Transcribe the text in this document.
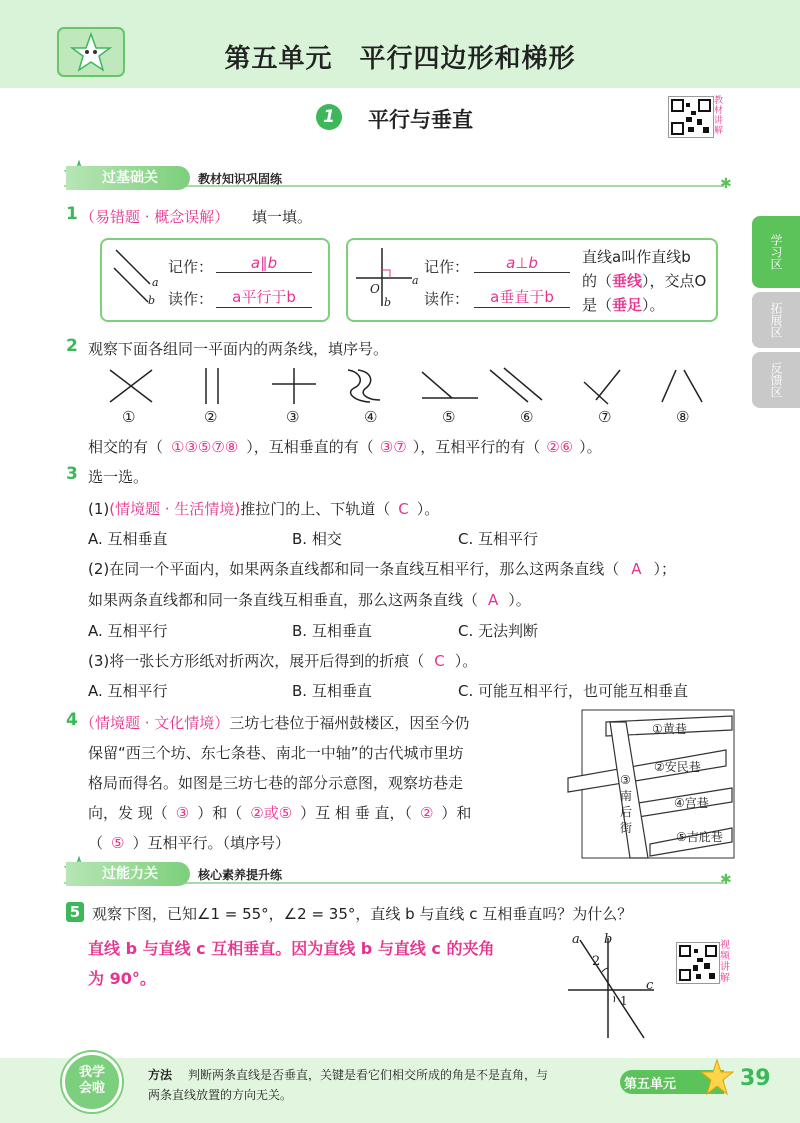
第五单元　平行四边形和梯形
1	平行与垂直
教材讲解
学习区
拓展区
反馈区
过基础关	教材知识巩固练	✱
1 （易错题 · 概念误解） 填一填。
a
b
记作：	a∥b
读作：	a平行于b
a
O
b
记作：	a⊥b
读作：	a垂直于b
直线a叫作直线b
的（垂线），交点O
是（垂足）。
2 观察下面各组同一平面内的两条线，填序号。
①	②	③	④	⑤	⑥	⑦	⑧
相交的有（ ①③⑤⑦⑧ ），互相垂直的有（ ③⑦ ），互相平行的有（ ②⑥ ）。
3 选一选。
(1)(情境题 · 生活情境)推拉门的上、下轨道（ C ）。
A. 互相垂直	B. 相交	C. 互相平行
(2)在同一个平面内，如果两条直线都和同一条直线互相平行，那么这两条直线（ A ）；
如果两条直线都和同一条直线互相垂直，那么这两条直线（ A ）。
A. 互相平行	B. 互相垂直	C. 无法判断
(3)将一张长方形纸对折两次，展开后得到的折痕（ C ）。
A. 互相平行	B. 互相垂直	C. 可能互相平行，也可能互相垂直
4 （情境题 · 文化情境）三坊七巷位于福州鼓楼区，因至今仍
保留“西三个坊、东七条巷、南北一中轴”的古代城市里坊
格局而得名。如图是三坊七巷的部分示意图，观察坊巷走
向，发 现（ ③ ）和（ ②或⑤ ）互 相 垂 直，（ ② ）和
（ ⑤ ）互相平行。（填序号）
①黄巷
②安民巷
③南后街
④宫巷
⑤吉庇巷
过能力关	核心素养提升练	✱
5 观察下图，已知∠1 = 55°，∠2 = 35°，直线 b 与直线 c 互相垂直吗？为什么？
直线 b 与直线 c 互相垂直。因为直线 b 与直线 c 的夹角
为 90°。
a b
c
2
1
视频讲解
我学会啦
方法 判断两条直线是否垂直，关键是看它们相交所成的角是不是直角，与
两条直线放置的方向无关。
第五单元	39
